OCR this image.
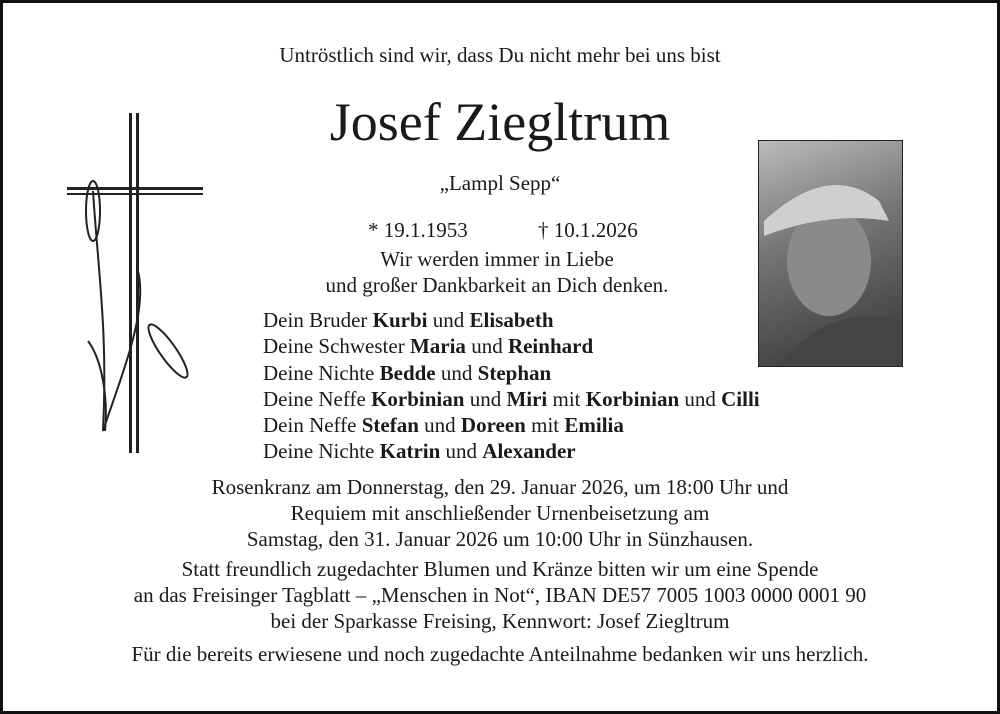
Untröstlich sind wir, dass Du nicht mehr bei uns bist
Josef Ziegltrum
„Lampl Sepp“
* 19.1.1953	† 10.1.2026
Wir werden immer in Liebe
und großer Dankbarkeit an Dich denken.
Dein Bruder Kurbi und Elisabeth
Deine Schwester Maria und Reinhard
Deine Nichte Bedde und Stephan
Deine Neffe Korbinian und Miri mit Korbinian und Cilli
Dein Neffe Stefan und Doreen mit Emilia
Deine Nichte Katrin und Alexander
Rosenkranz am Donnerstag, den 29. Januar 2026, um 18:00 Uhr und
Requiem mit anschließender Urnenbeisetzung am
Samstag, den 31. Januar 2026 um 10:00 Uhr in Sünzhausen.
Statt freundlich zugedachter Blumen und Kränze bitten wir um eine Spende
an das Freisinger Tagblatt – „Menschen in Not“, IBAN DE57 7005 1003 0000 0001 90
bei der Sparkasse Freising, Kennwort: Josef Ziegltrum
Für die bereits erwiesene und noch zugedachte Anteilnahme bedanken wir uns herzlich.
